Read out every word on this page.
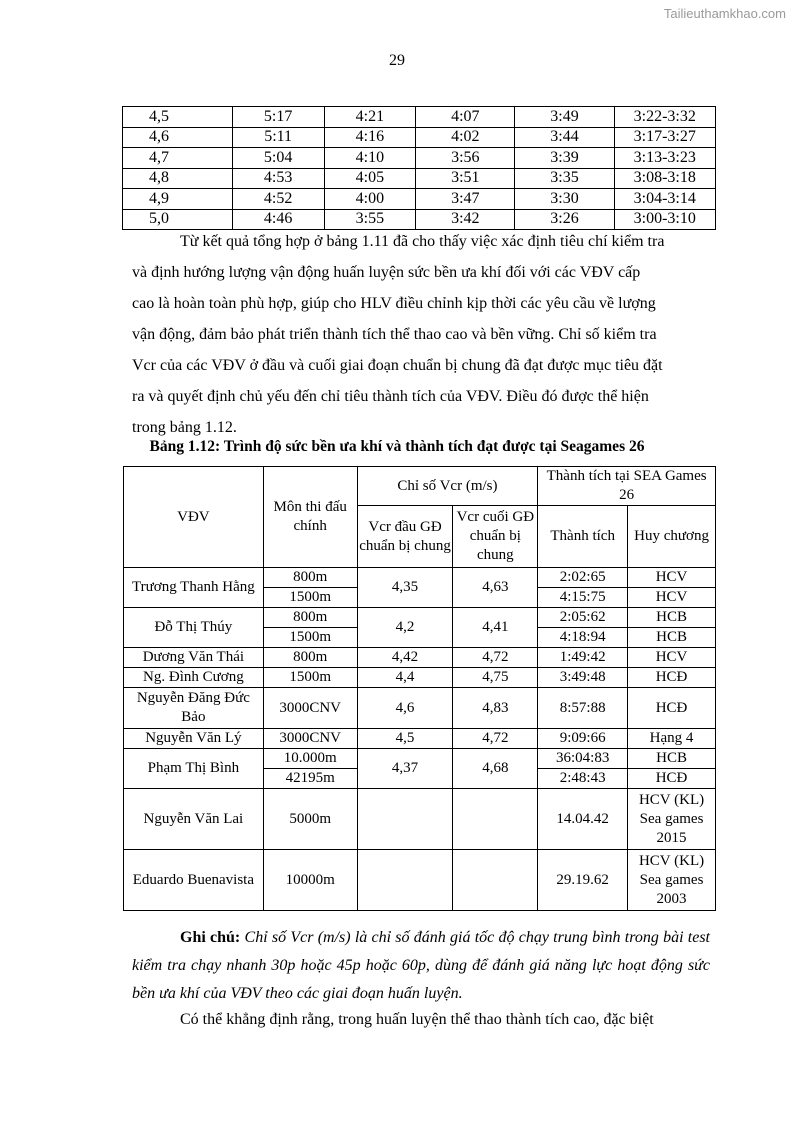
Tailieuthamkhao.com
29
4,5	5:17	4:21	4:07	3:49	3:22-3:32
4,6	5:11	4:16	4:02	3:44	3:17-3:27
4,7	5:04	4:10	3:56	3:39	3:13-3:23
4,8	4:53	4:05	3:51	3:35	3:08-3:18
4,9	4:52	4:00	3:47	3:30	3:04-3:14
5,0	4:46	3:55	3:42	3:26	3:00-3:10
Từ kết quả tổng hợp ở bảng 1.11 đã cho thấy việc xác định tiêu chí kiểm tra
và định hướng lượng vận động huấn luyện sức bền ưa khí đối với các VĐV cấp
cao là hoàn toàn phù hợp, giúp cho HLV điều chỉnh kịp thời các yêu cầu về lượng
vận động, đảm bảo phát triển thành tích thể thao cao và bền vững. Chỉ số kiểm tra
Vcr của các VĐV ở đầu và cuối giai đoạn chuẩn bị chung đã đạt được mục tiêu đặt
ra và quyết định chủ yếu đến chỉ tiêu thành tích của VĐV. Điều đó được thể hiện
trong bảng 1.12.
Bảng 1.12: Trình độ sức bền ưa khí và thành tích đạt được tại Seagames 26
VĐV	Môn thi đấu chính	Chỉ số Vcr (m/s)		Thành tích tại SEA Games 26	
		Vcr đầu GĐ chuẩn bị chung	Vcr cuối GĐ chuẩn bị chung	Thành tích	Huy chương
Trương Thanh Hằng	800m	4,35	4,63	2:02:65	HCV
	1500m			4:15:75	HCV
Đỗ Thị Thúy	800m	4,2	4,41	2:05:62	HCB
	1500m			4:18:94	HCB
Dương Văn Thái	800m	4,42	4,72	1:49:42	HCV
Ng. Đình Cương	1500m	4,4	4,75	3:49:48	HCĐ
Nguyễn Đăng Đức Bảo	3000CNV	4,6	4,83	8:57:88	HCĐ
Nguyễn Văn Lý	3000CNV	4,5	4,72	9:09:66	Hạng 4
Phạm Thị Bình	10.000m	4,37	4,68	36:04:83	HCB
	42195m			2:48:43	HCĐ
Nguyễn Văn Lai	5000m			14.04.42	HCV (KL) Sea games 2015
Eduardo Buenavista	10000m			29.19.62	HCV (KL) Sea games 2003
Ghi chú: Chỉ số Vcr (m/s) là chỉ số đánh giá tốc độ chạy trung bình trong bài test kiểm tra chạy nhanh 30p hoặc 45p hoặc 60p, dùng để đánh giá năng lực hoạt động sức bền ưa khí của VĐV theo các giai đoạn huấn luyện.
Có thể khẳng định rằng, trong huấn luyện thể thao thành tích cao, đặc biệt
